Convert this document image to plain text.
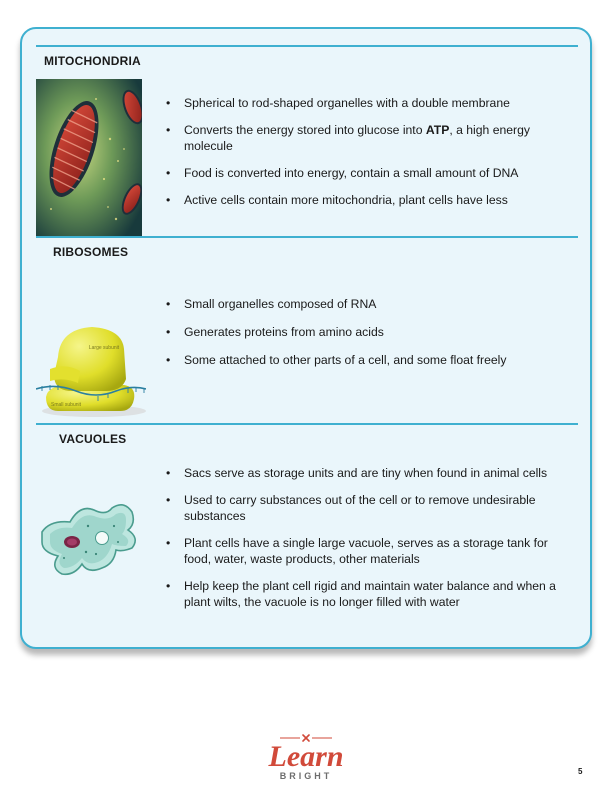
MITOCHONDRIA
• Spherical to rod-shaped organelles with a double membrane
• Converts the energy stored into glucose into ATP, a high energy molecule
• Food is converted into energy, contain a small amount of DNA
• Active cells contain more mitochondria, plant cells have less
RIBOSOMES
Large subunit
Small subunit
• Small organelles composed of RNA
• Generates proteins from amino acids
• Some attached to other parts of a cell, and some float freely
VACUOLES
• Sacs serve as storage units and are tiny when found in animal cells
• Used to carry substances out of the cell or to remove undesirable substances
• Plant cells have a single large vacuole, serves as a storage tank for food, water, waste products, other materials
• Help keep the plant cell rigid and maintain water balance and when a plant wilts, the vacuole is no longer filled with water
Learn
BRIGHT	5
